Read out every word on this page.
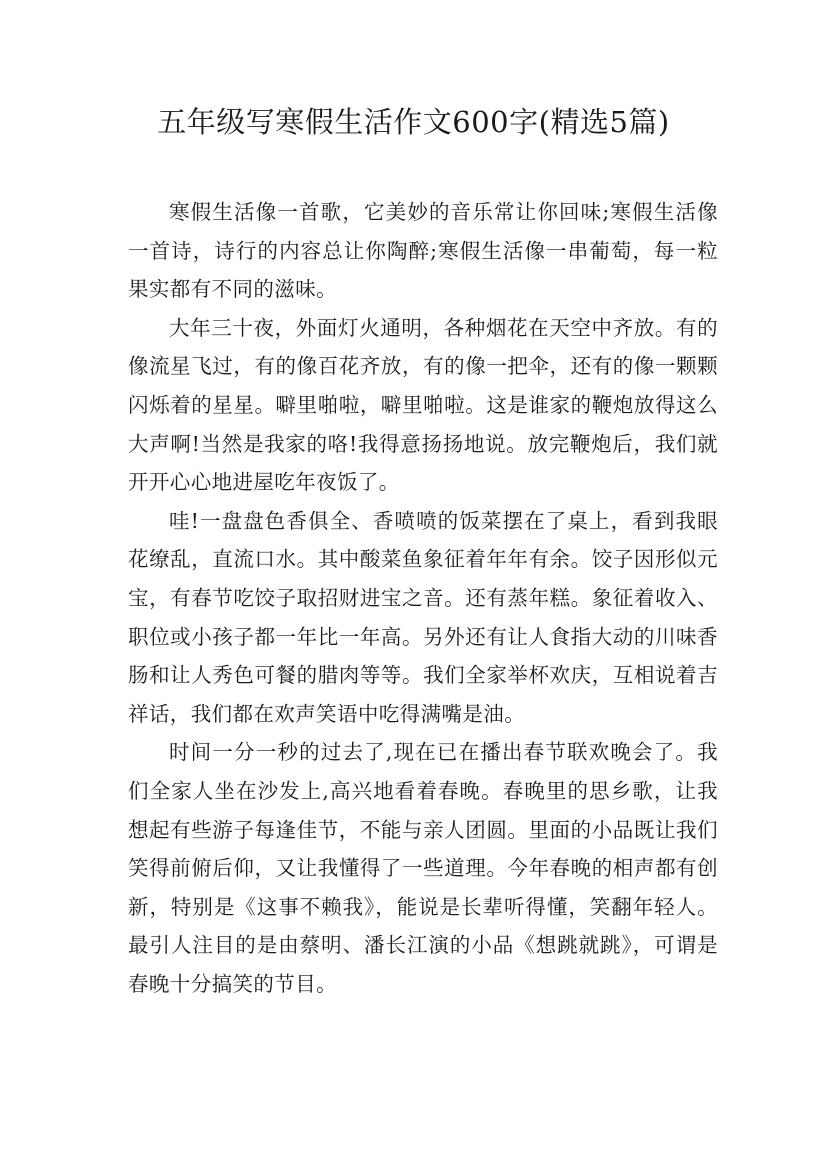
五年级写寒假生活作文600字(精选5篇)

寒假生活像一首歌，它美妙的音乐常让你回味;寒假生活像一首诗，诗行的内容总让你陶醉;寒假生活像一串葡萄，每一粒果实都有不同的滋味。

大年三十夜，外面灯火通明，各种烟花在天空中齐放。有的像流星飞过，有的像百花齐放，有的像一把伞，还有的像一颗颗闪烁着的星星。噼里啪啦，噼里啪啦。这是谁家的鞭炮放得这么大声啊!当然是我家的咯!我得意扬扬地说。放完鞭炮后，我们就开开心心地进屋吃年夜饭了。

哇!一盘盘色香俱全、香喷喷的饭菜摆在了桌上，看到我眼花缭乱，直流口水。其中酸菜鱼象征着年年有余。饺子因形似元宝，有春节吃饺子取招财进宝之音。还有蒸年糕。象征着收入、职位或小孩子都一年比一年高。另外还有让人食指大动的川味香肠和让人秀色可餐的腊肉等等。我们全家举杯欢庆，互相说着吉祥话，我们都在欢声笑语中吃得满嘴是油。

时间一分一秒的过去了,现在已在播出春节联欢晚会了。我们全家人坐在沙发上,高兴地看着春晚。春晚里的思乡歌，让我想起有些游子每逢佳节，不能与亲人团圆。里面的小品既让我们笑得前俯后仰，又让我懂得了一些道理。今年春晚的相声都有创新，特别是《这事不赖我》，能说是长辈听得懂，笑翻年轻人。最引人注目的是由蔡明、潘长江演的小品《想跳就跳》，可谓是春晚十分搞笑的节目。
